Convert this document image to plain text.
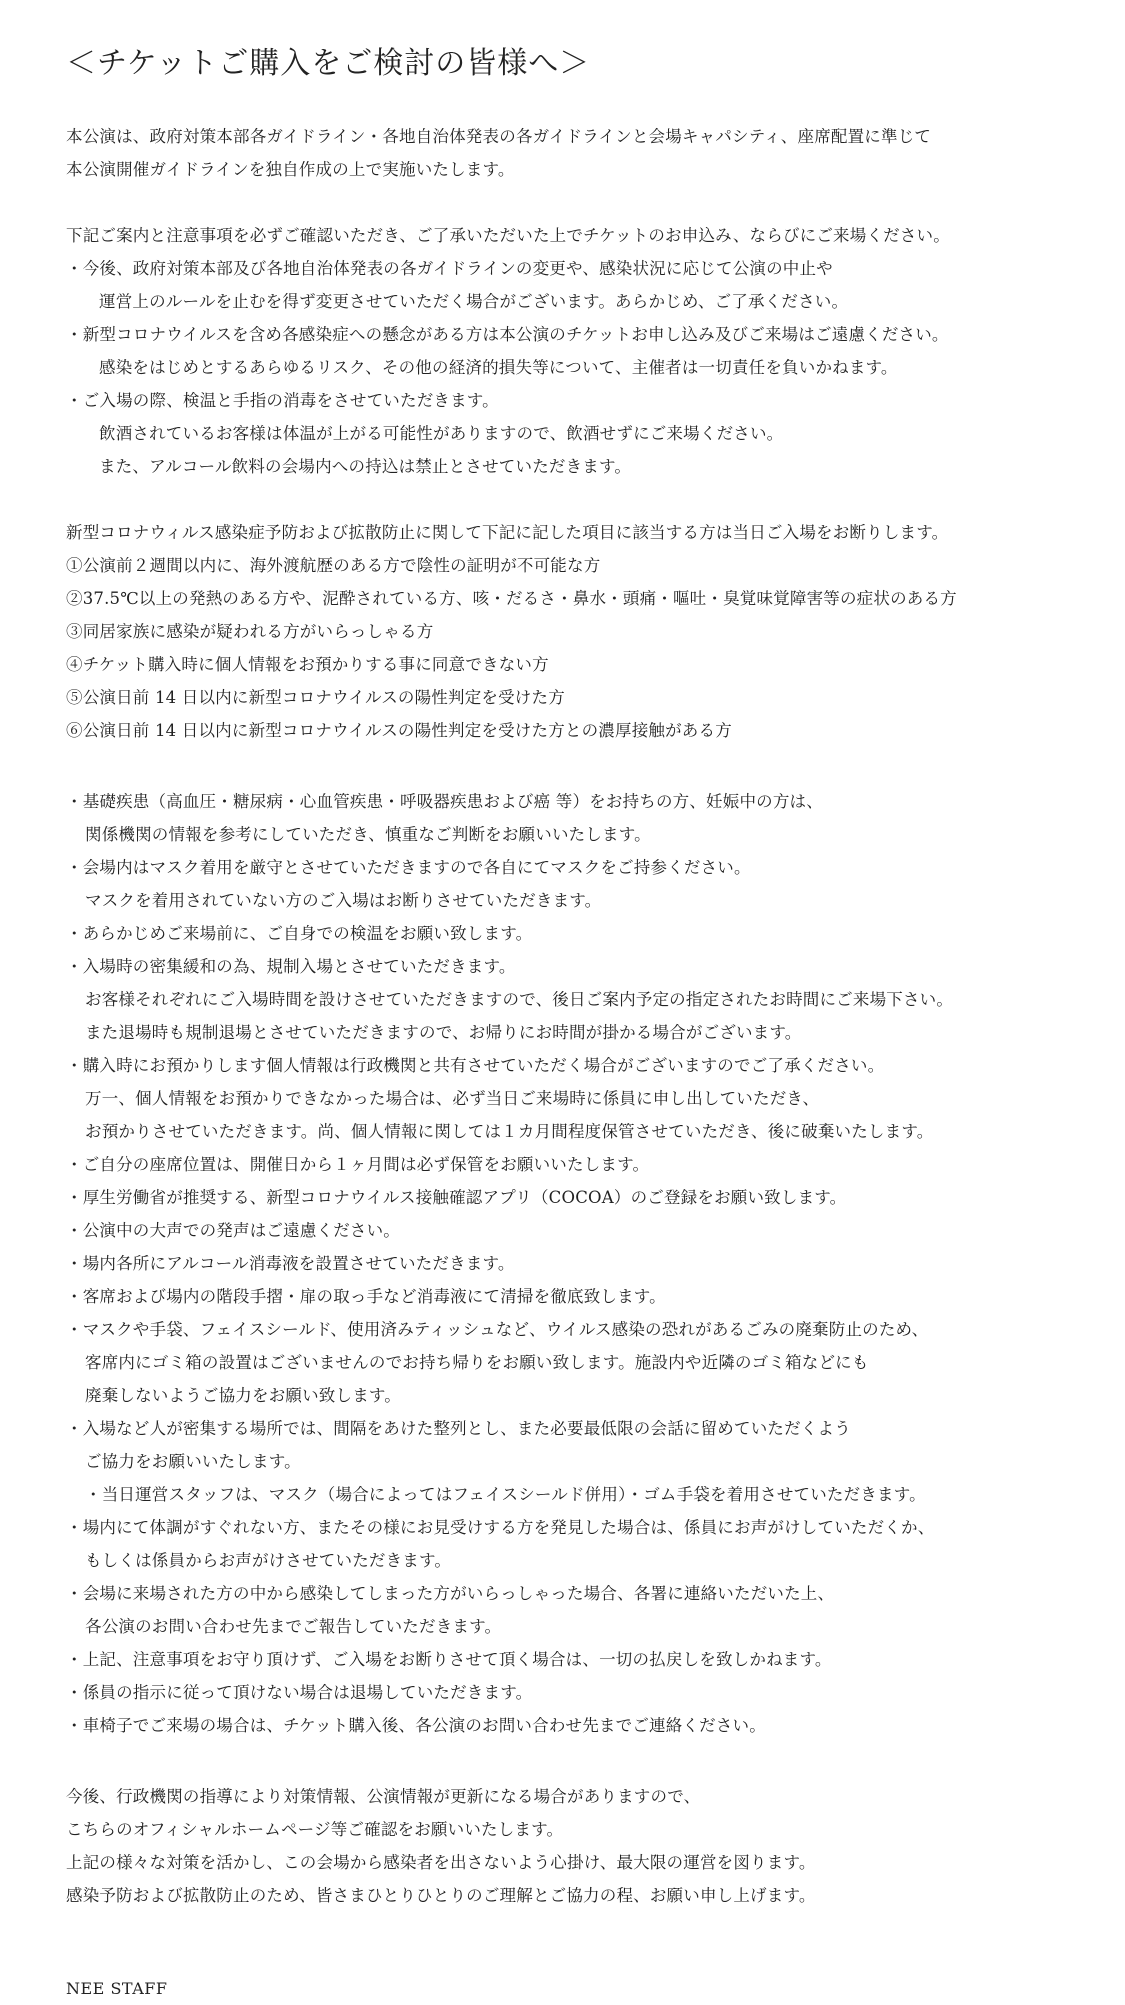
＜チケットご購入をご検討の皆様へ＞
本公演は、政府対策本部各ガイドライン・各地自治体発表の各ガイドラインと会場キャパシティ、座席配置に準じて
本公演開催ガイドラインを独自作成の上で実施いたします。
下記ご案内と注意事項を必ずご確認いただき、ご了承いただいた上でチケットのお申込み、ならびにご来場ください。
・今後、政府対策本部及び各地自治体発表の各ガイドラインの変更や、感染状況に応じて公演の中止や
運営上のルールを止むを得ず変更させていただく場合がございます。あらかじめ、ご了承ください。
・新型コロナウイルスを含め各感染症への懸念がある方は本公演のチケットお申し込み及びご来場はご遠慮ください。
感染をはじめとするあらゆるリスク、その他の経済的損失等について、主催者は一切責任を負いかねます。
・ご入場の際、検温と手指の消毒をさせていただきます。
飲酒されているお客様は体温が上がる可能性がありますので、飲酒せずにご来場ください。
また、アルコール飲料の会場内への持込は禁止とさせていただきます。
新型コロナウィルス感染症予防および拡散防止に関して下記に記した項目に該当する方は当日ご入場をお断りします。
①公演前２週間以内に、海外渡航歴のある方で陰性の証明が不可能な方
②37.5℃以上の発熱のある方や、泥酔されている方、咳・だるさ・鼻水・頭痛・嘔吐・臭覚味覚障害等の症状のある方
③同居家族に感染が疑われる方がいらっしゃる方
④チケット購入時に個人情報をお預かりする事に同意できない方
⑤公演日前 14 日以内に新型コロナウイルスの陽性判定を受けた方
⑥公演日前 14 日以内に新型コロナウイルスの陽性判定を受けた方との濃厚接触がある方
・基礎疾患（高血圧・糖尿病・心血管疾患・呼吸器疾患および癌 等）をお持ちの方、妊娠中の方は、
関係機関の情報を参考にしていただき、慎重なご判断をお願いいたします。
・会場内はマスク着用を厳守とさせていただきますので各自にてマスクをご持参ください。
マスクを着用されていない方のご入場はお断りさせていただきます。
・あらかじめご来場前に、ご自身での検温をお願い致します。
・入場時の密集緩和の為、規制入場とさせていただきます。
お客様それぞれにご入場時間を設けさせていただきますので、後日ご案内予定の指定されたお時間にご来場下さい。
また退場時も規制退場とさせていただきますので、お帰りにお時間が掛かる場合がございます。
・購入時にお預かりします個人情報は行政機関と共有させていただく場合がございますのでご了承ください。
万一、個人情報をお預かりできなかった場合は、必ず当日ご来場時に係員に申し出していただき、
お預かりさせていただきます。尚、個人情報に関しては１カ月間程度保管させていただき、後に破棄いたします。
・ご自分の座席位置は、開催日から１ヶ月間は必ず保管をお願いいたします。
・厚生労働省が推奨する、新型コロナウイルス接触確認アプリ（COCOA）のご登録をお願い致します。
・公演中の大声での発声はご遠慮ください。
・場内各所にアルコール消毒液を設置させていただきます。
・客席および場内の階段手摺・扉の取っ手など消毒液にて清掃を徹底致します。
・マスクや手袋、フェイスシールド、使用済みティッシュなど、ウイルス感染の恐れがあるごみの廃棄防止のため、
客席内にゴミ箱の設置はございませんのでお持ち帰りをお願い致します。施設内や近隣のゴミ箱などにも
廃棄しないようご協力をお願い致します。
・入場など人が密集する場所では、間隔をあけた整列とし、また必要最低限の会話に留めていただくよう
ご協力をお願いいたします。
・当日運営スタッフは、マスク（場合によってはフェイスシールド併用）・ゴム手袋を着用させていただきます。
・場内にて体調がすぐれない方、またその様にお見受けする方を発見した場合は、係員にお声がけしていただくか、
もしくは係員からお声がけさせていただきます。
・会場に来場された方の中から感染してしまった方がいらっしゃった場合、各署に連絡いただいた上、
各公演のお問い合わせ先までご報告していただきます。
・上記、注意事項をお守り頂けず、ご入場をお断りさせて頂く場合は、一切の払戻しを致しかねます。
・係員の指示に従って頂けない場合は退場していただきます。
・車椅子でご来場の場合は、チケット購入後、各公演のお問い合わせ先までご連絡ください。
今後、行政機関の指導により対策情報、公演情報が更新になる場合がありますので、
こちらのオフィシャルホームページ等ご確認をお願いいたします。
上記の様々な対策を活かし、この会場から感染者を出さないよう心掛け、最大限の運営を図ります。
感染予防および拡散防止のため、皆さまひとりひとりのご理解とご協力の程、お願い申し上げます。
NEE STAFF
